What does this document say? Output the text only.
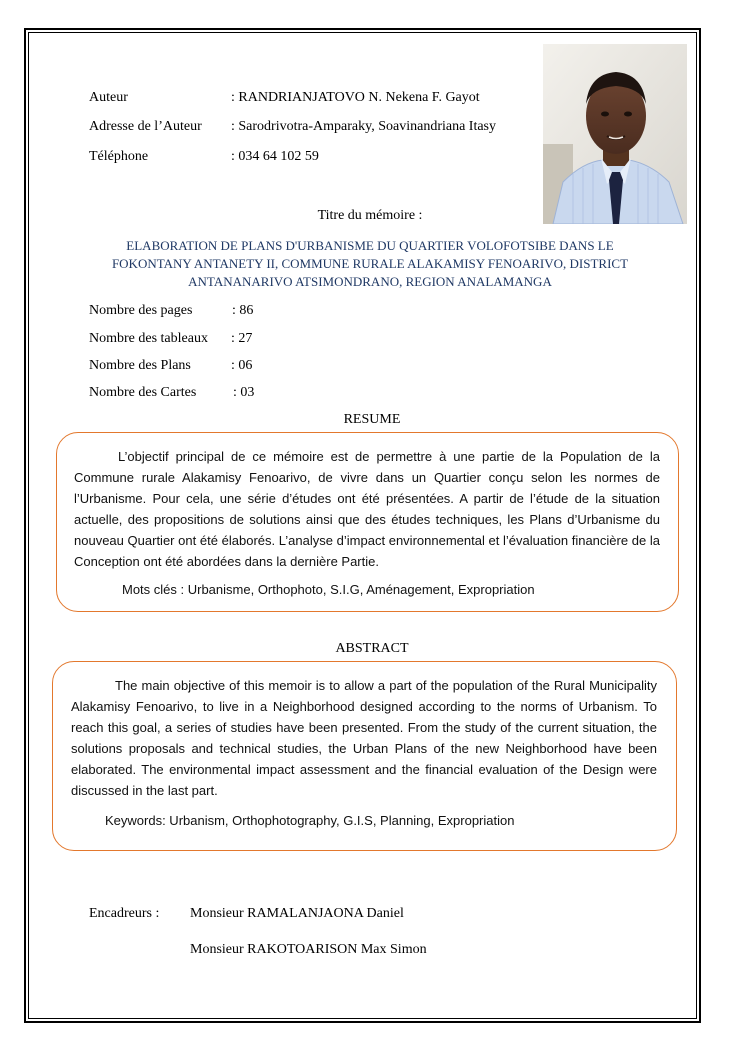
Auteur	: RANDRIANJATOVO N. Nekena F. Gayot
Adresse de l’Auteur : Sarodrivotra-Amparaky, Soavinandriana Itasy
Téléphone	: 034 64 102 59
Titre du mémoire :
ELABORATION DE PLANS D'URBANISME DU QUARTIER VOLOFOTSIBE DANS LE
FOKONTANY ANTANETY II, COMMUNE RURALE ALAKAMISY FENOARIVO, DISTRICT
ANTANANARIVO ATSIMONDRANO, REGION ANALAMANGA
Nombre des pages	: 86
Nombre des tableaux : 27
Nombre des Plans	: 06
Nombre des Cartes	: 03
RESUME
L’objectif principal de ce mémoire est de permettre à une partie de la Population de la Commune rurale Alakamisy Fenoarivo, de vivre dans un Quartier conçu selon les normes de l’Urbanisme. Pour cela, une série d’études ont été présentées. A partir de l’étude de la situation actuelle, des propositions de solutions ainsi que des études techniques, les Plans d’Urbanisme du nouveau Quartier ont été élaborés. L’analyse d’impact environnemental et l’évaluation financière de la Conception ont été abordées dans la dernière Partie.
Mots clés : Urbanisme, Orthophoto, S.I.G, Aménagement, Expropriation
ABSTRACT
The main objective of this memoir is to allow a part of the population of the Rural Municipality Alakamisy Fenoarivo, to live in a Neighborhood designed according to the norms of Urbanism. To reach this goal, a series of studies have been presented. From the study of the current situation, the solutions proposals and technical studies, the Urban Plans of the new Neighborhood have been elaborated. The environmental impact assessment and the financial evaluation of the Design were discussed in the last part.
Keywords: Urbanism, Orthophotography, G.I.S, Planning, Expropriation
Encadreurs : Monsieur RAMALANJAONA Daniel
Monsieur RAKOTOARISON Max Simon
